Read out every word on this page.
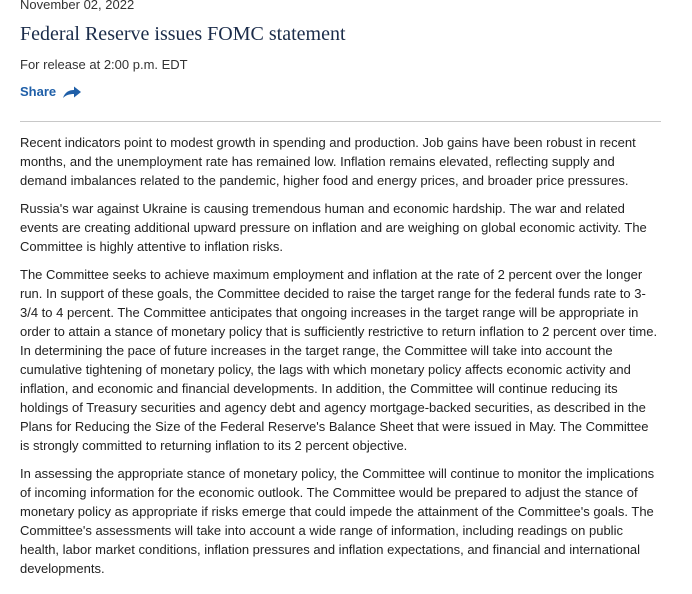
November 02, 2022
Federal Reserve issues FOMC statement
For release at 2:00 p.m. EDT
Share

Recent indicators point to modest growth in spending and production. Job gains have been robust in recent months, and the unemployment rate has remained low. Inflation remains elevated, reflecting supply and demand imbalances related to the pandemic, higher food and energy prices, and broader price pressures.

Russia's war against Ukraine is causing tremendous human and economic hardship. The war and related events are creating additional upward pressure on inflation and are weighing on global economic activity. The Committee is highly attentive to inflation risks.

The Committee seeks to achieve maximum employment and inflation at the rate of 2 percent over the longer run. In support of these goals, the Committee decided to raise the target range for the federal funds rate to 3-3/4 to 4 percent. The Committee anticipates that ongoing increases in the target range will be appropriate in order to attain a stance of monetary policy that is sufficiently restrictive to return inflation to 2 percent over time. In determining the pace of future increases in the target range, the Committee will take into account the cumulative tightening of monetary policy, the lags with which monetary policy affects economic activity and inflation, and economic and financial developments. In addition, the Committee will continue reducing its holdings of Treasury securities and agency debt and agency mortgage-backed securities, as described in the Plans for Reducing the Size of the Federal Reserve's Balance Sheet that were issued in May. The Committee is strongly committed to returning inflation to its 2 percent objective.

In assessing the appropriate stance of monetary policy, the Committee will continue to monitor the implications of incoming information for the economic outlook. The Committee would be prepared to adjust the stance of monetary policy as appropriate if risks emerge that could impede the attainment of the Committee's goals. The Committee's assessments will take into account a wide range of information, including readings on public health, labor market conditions, inflation pressures and inflation expectations, and financial and international developments.
